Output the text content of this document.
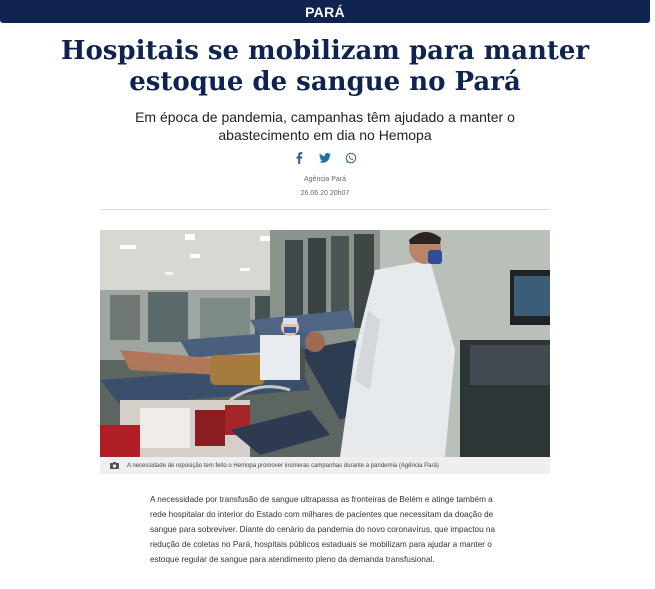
PARÁ
Hospitais se mobilizam para manter estoque de sangue no Pará

Em época de pandemia, campanhas têm ajudado a manter o abastecimento em dia no Hemopa

Agência Pará
26.06.20 20h07
A necessidade de reposição tem feito o Hemopa promover inúmeras campanhas durante a pandemia (Agência Pará)

A necessidade por transfusão de sangue ultrapassa as fronteiras de Belém e atinge também a rede hospitalar do interior do Estado com milhares de pacientes que necessitam da doação de sangue para sobreviver. Diante do cenário da pandemia do novo coronavírus, que impactou na redução de coletas no Pará, hospitais públicos estaduais se mobilizam para ajudar a manter o estoque regular de sangue para atendimento pleno da demanda transfusional.
